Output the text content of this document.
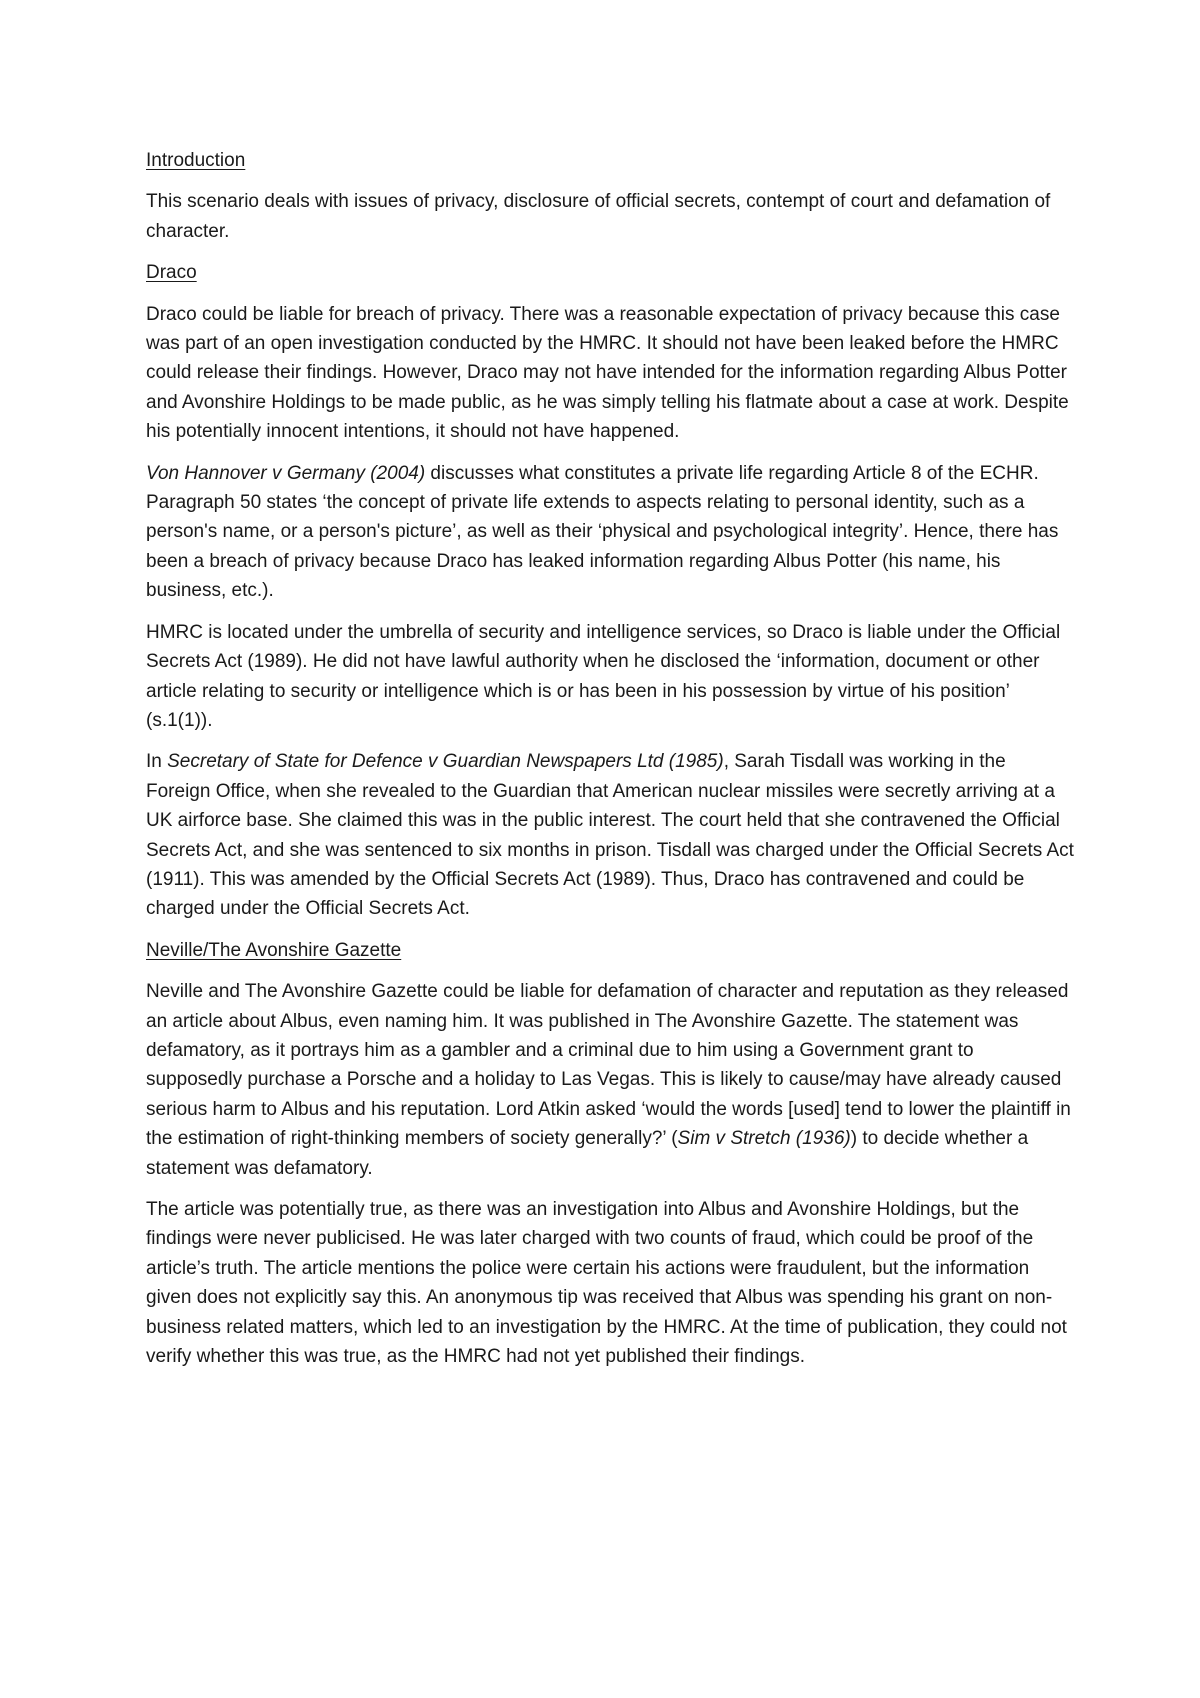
Introduction

This scenario deals with issues of privacy, disclosure of official secrets, contempt of court and defamation of character.

Draco

Draco could be liable for breach of privacy. There was a reasonable expectation of privacy because this case was part of an open investigation conducted by the HMRC. It should not have been leaked before the HMRC could release their findings. However, Draco may not have intended for the information regarding Albus Potter and Avonshire Holdings to be made public, as he was simply telling his flatmate about a case at work. Despite his potentially innocent intentions, it should not have happened.

Von Hannover v Germany (2004) discusses what constitutes a private life regarding Article 8 of the ECHR. Paragraph 50 states ‘the concept of private life extends to aspects relating to personal identity, such as a person's name, or a person's picture’, as well as their ‘physical and psychological integrity’. Hence, there has been a breach of privacy because Draco has leaked information regarding Albus Potter (his name, his business, etc.).

HMRC is located under the umbrella of security and intelligence services, so Draco is liable under the Official Secrets Act (1989). He did not have lawful authority when he disclosed the ‘information, document or other article relating to security or intelligence which is or has been in his possession by virtue of his position’ (s.1(1)).

In Secretary of State for Defence v Guardian Newspapers Ltd (1985), Sarah Tisdall was working in the Foreign Office, when she revealed to the Guardian that American nuclear missiles were secretly arriving at a UK airforce base. She claimed this was in the public interest. The court held that she contravened the Official Secrets Act, and she was sentenced to six months in prison. Tisdall was charged under the Official Secrets Act (1911). This was amended by the Official Secrets Act (1989). Thus, Draco has contravened and could be charged under the Official Secrets Act.

Neville/The Avonshire Gazette

Neville and The Avonshire Gazette could be liable for defamation of character and reputation as they released an article about Albus, even naming him. It was published in The Avonshire Gazette. The statement was defamatory, as it portrays him as a gambler and a criminal due to him using a Government grant to supposedly purchase a Porsche and a holiday to Las Vegas. This is likely to cause/may have already caused serious harm to Albus and his reputation. Lord Atkin asked ‘would the words [used] tend to lower the plaintiff in the estimation of right-thinking members of society generally?’ (Sim v Stretch (1936)) to decide whether a statement was defamatory.

The article was potentially true, as there was an investigation into Albus and Avonshire Holdings, but the findings were never publicised. He was later charged with two counts of fraud, which could be proof of the article’s truth. The article mentions the police were certain his actions were fraudulent, but the information given does not explicitly say this. An anonymous tip was received that Albus was spending his grant on non-business related matters, which led to an investigation by the HMRC. At the time of publication, they could not verify whether this was true, as the HMRC had not yet published their findings.
